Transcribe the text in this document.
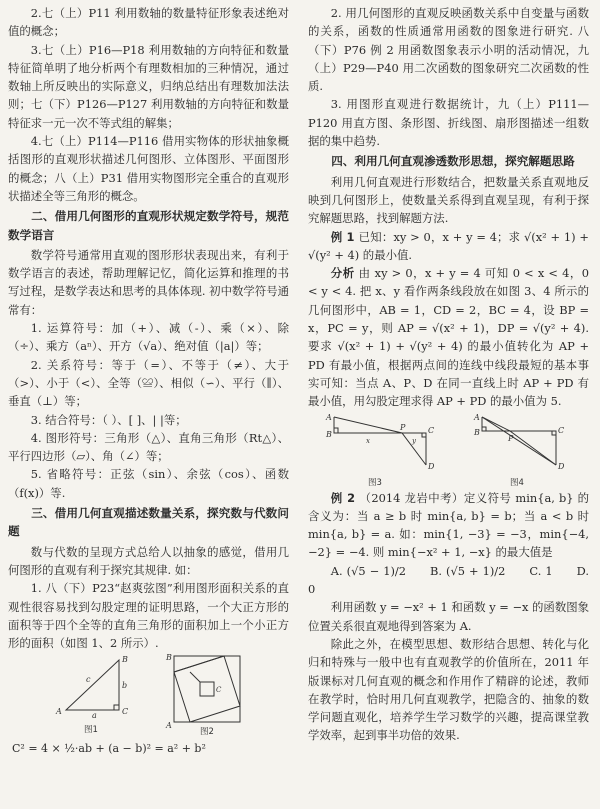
2.七（上）P11 利用数轴的数量特征形象表述绝对值的概念；

3.七（上）P16—P18 利用数轴的方向特征和数量特征简单明了地分析两个有理数相加的三种情况，通过数轴上所反映出的实际意义，归纳总结出有理数加法法则；七（下）P126—P127 利用数轴的方向特征和数量特征求一元一次不等式组的解集；

4.七（上）P114—P116 借用实物体的形状抽象概括图形的直观形状描述几何图形、立体图形、平面图形的概念；八（上）P31 借用实物图形完全重合的直观形状描述全等三角形的概念。

二、借用几何图形的直观形状规定数学符号，规范数学语言

数学符号通常用直观的图形形状表现出来，有利于数学语言的表述，帮助理解记忆，简化运算和推理的书写过程，是数学表达和思考的具体体现. 初中数学符号通常有：

1. 运算符号：加（+）、减（-）、乘（×）、除（÷）、乘方（aⁿ）、开方（√a）、绝对值（|a|）等；

2. 关系符号：等于（=）、不等于（≠）、大于（>）、小于（<）、全等（≌）、相似（∽）、平行（∥）、垂直（⊥）等；

3. 结合符号：（ ）、[ ]、| |等；

4. 图形符号：三角形（△）、直角三角形（Rt△）、平行四边形（▱）、角（∠）等；

5. 省略符号：正弦（sin）、余弦（cos）、函数（f(x)）等.

三、借用几何直观描述数量关系，探究数与代数问题

数与代数的呈现方式总给人以抽象的感觉，借用几何图形的直观有利于探究其规律. 如：

1. 八（下）P23“赵爽弦图”利用图形面积关系的直观性很容易找到勾股定理的证明思路，一个大正方形的面积等于四个全等的直角三角形的面积加上一个小正方形的面积（如图 1、2 所示）.

B
A	C
b
a
c
图1
B
A
C
图2

C² = 4 × ½·ab + (a − b)² = a² + b²

2. 用几何图形的直观反映函数关系中自变量与函数的关系，函数的性质通常用函数的图象进行研究. 八（下）P76 例 2 用函数图象表示小明的活动情况，九（上）P29—P40 用二次函数的图象研究二次函数的性质.

3. 用图形直观进行数据统计，九（上）P111—P120 用直方图、条形图、折线图、扇形图描述一组数据的集中趋势.

四、利用几何直观渗透数形思想，探究解题思路

利用几何直观进行形数结合，把数量关系直观地反映到几何图形上，使数量关系得到直观呈现，有利于探究解题思路，找到解题方法.

例 1 已知：xy > 0，x + y = 4；求 √(x² + 1) + √(y² + 4) 的最小值.

分析 由 xy > 0，x + y = 4 可知 0 < x < 4，0 < y < 4. 把 x、y 看作两条线段放在如图 3、4 所示的几何图形中，AB = 1，CD = 2，BC = 4，设 BP = x，PC = y，则 AP = √(x² + 1)，DP = √(y² + 4). 要求 √(x² + 1) + √(y² + 4) 的最小值转化为 AP + PD 有最小值，根据两点间的连线中线段最短的基本事实可知：当点 A、P、D 在同一直线上时 AP + PD 有最小值，用勾股定理求得 AP + PD 的最小值为 5.

A
B
P	C
D
x	y
图3
A
B
P
C
D
图4

例 2 （2014 龙岩中考）定义符号 min{a, b} 的含义为：当 a ≥ b 时 min{a, b} = b；当 a < b 时 min{a, b} = a. 如：min{1, −3} = −3，min{−4, −2} = −4. 则 min{−x² + 1, −x} 的最大值是

A. (√5 − 1)/2　　B. (√5 + 1)/2　　C. 1　　D. 0

利用函数 y = −x² + 1 和函数 y = −x 的函数图象位置关系很直观地得到答案为 A.

除此之外，在模型思想、数形结合思想、转化与化归和特殊与一般中也有直观教学的价值所在，2011 年版课标对几何直观的概念和作用作了精辟的论述，教师在教学时，恰时用几何直观教学，把隐含的、抽象的数学问题直观化，培养学生学习数学的兴趣，提高课堂教学效率，起到事半功倍的效果.
